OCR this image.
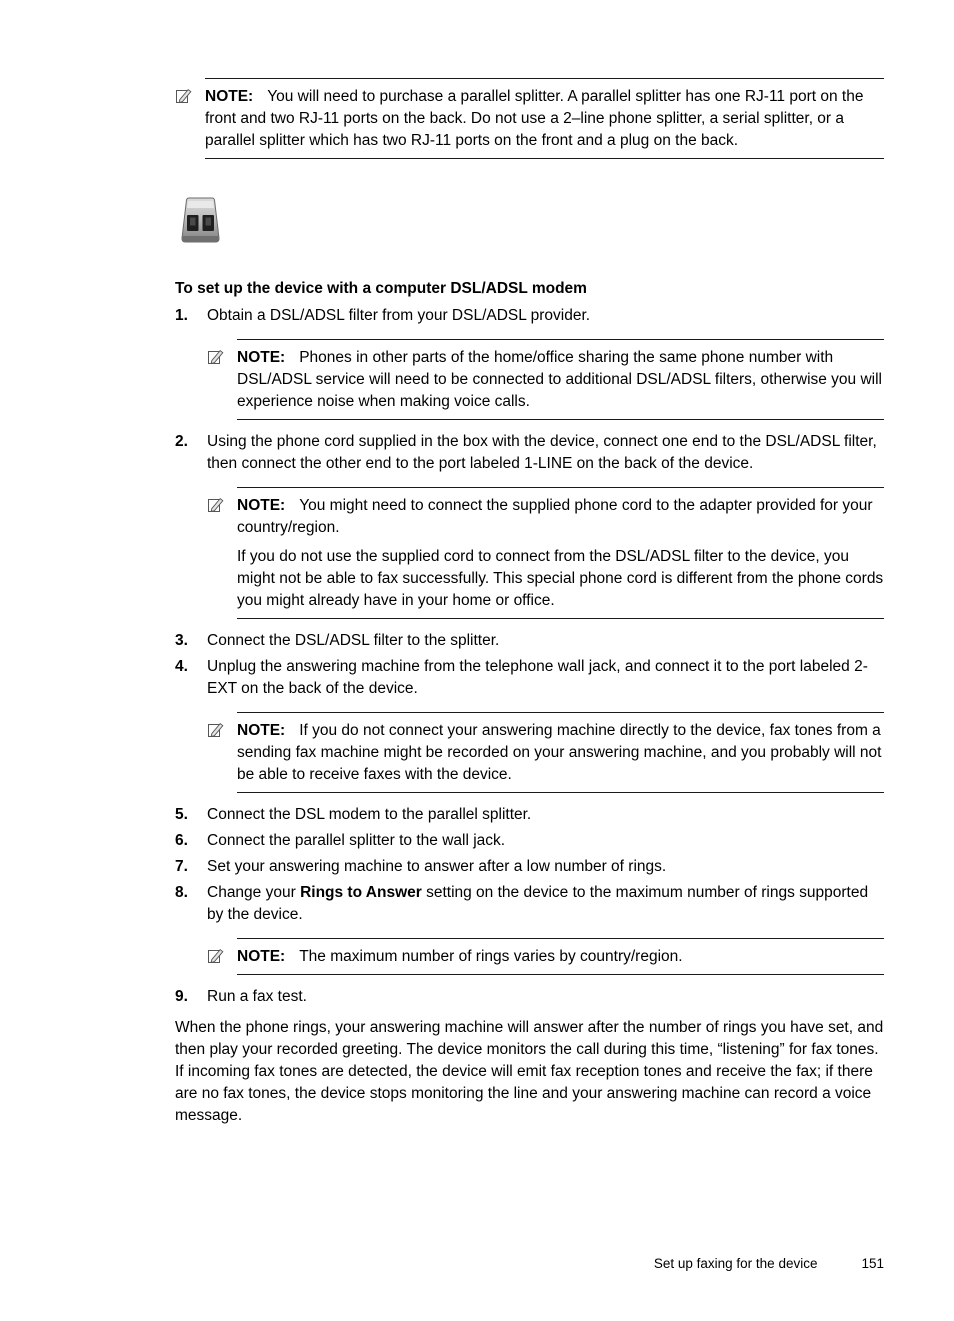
NOTE: You will need to purchase a parallel splitter. A parallel splitter has one RJ-11 port on the front and two RJ-11 ports on the back. Do not use a 2–line phone splitter, a serial splitter, or a parallel splitter which has two RJ-11 ports on the front and a plug on the back.

To set up the device with a computer DSL/ADSL modem
1.	Obtain a DSL/ADSL filter from your DSL/ADSL provider.

NOTE: Phones in other parts of the home/office sharing the same phone number with DSL/ADSL service will need to be connected to additional DSL/ADSL filters, otherwise you will experience noise when making voice calls.

2.	Using the phone cord supplied in the box with the device, connect one end to the DSL/ADSL filter, then connect the other end to the port labeled 1-LINE on the back of the device.

NOTE: You might need to connect the supplied phone cord to the adapter provided for your country/region.

If you do not use the supplied cord to connect from the DSL/ADSL filter to the device, you might not be able to fax successfully. This special phone cord is different from the phone cords you might already have in your home or office.

3.	Connect the DSL/ADSL filter to the splitter.
4.	Unplug the answering machine from the telephone wall jack, and connect it to the port labeled 2-EXT on the back of the device.

NOTE: If you do not connect your answering machine directly to the device, fax tones from a sending fax machine might be recorded on your answering machine, and you probably will not be able to receive faxes with the device.

5.	Connect the DSL modem to the parallel splitter.
6.	Connect the parallel splitter to the wall jack.
7.	Set your answering machine to answer after a low number of rings.
8.	Change your Rings to Answer setting on the device to the maximum number of rings supported by the device.

NOTE: The maximum number of rings varies by country/region.

9.	Run a fax test.

When the phone rings, your answering machine will answer after the number of rings you have set, and then play your recorded greeting. The device monitors the call during this time, “listening” for fax tones. If incoming fax tones are detected, the device will emit fax reception tones and receive the fax; if there are no fax tones, the device stops monitoring the line and your answering machine can record a voice message.

Set up faxing for the device	151
